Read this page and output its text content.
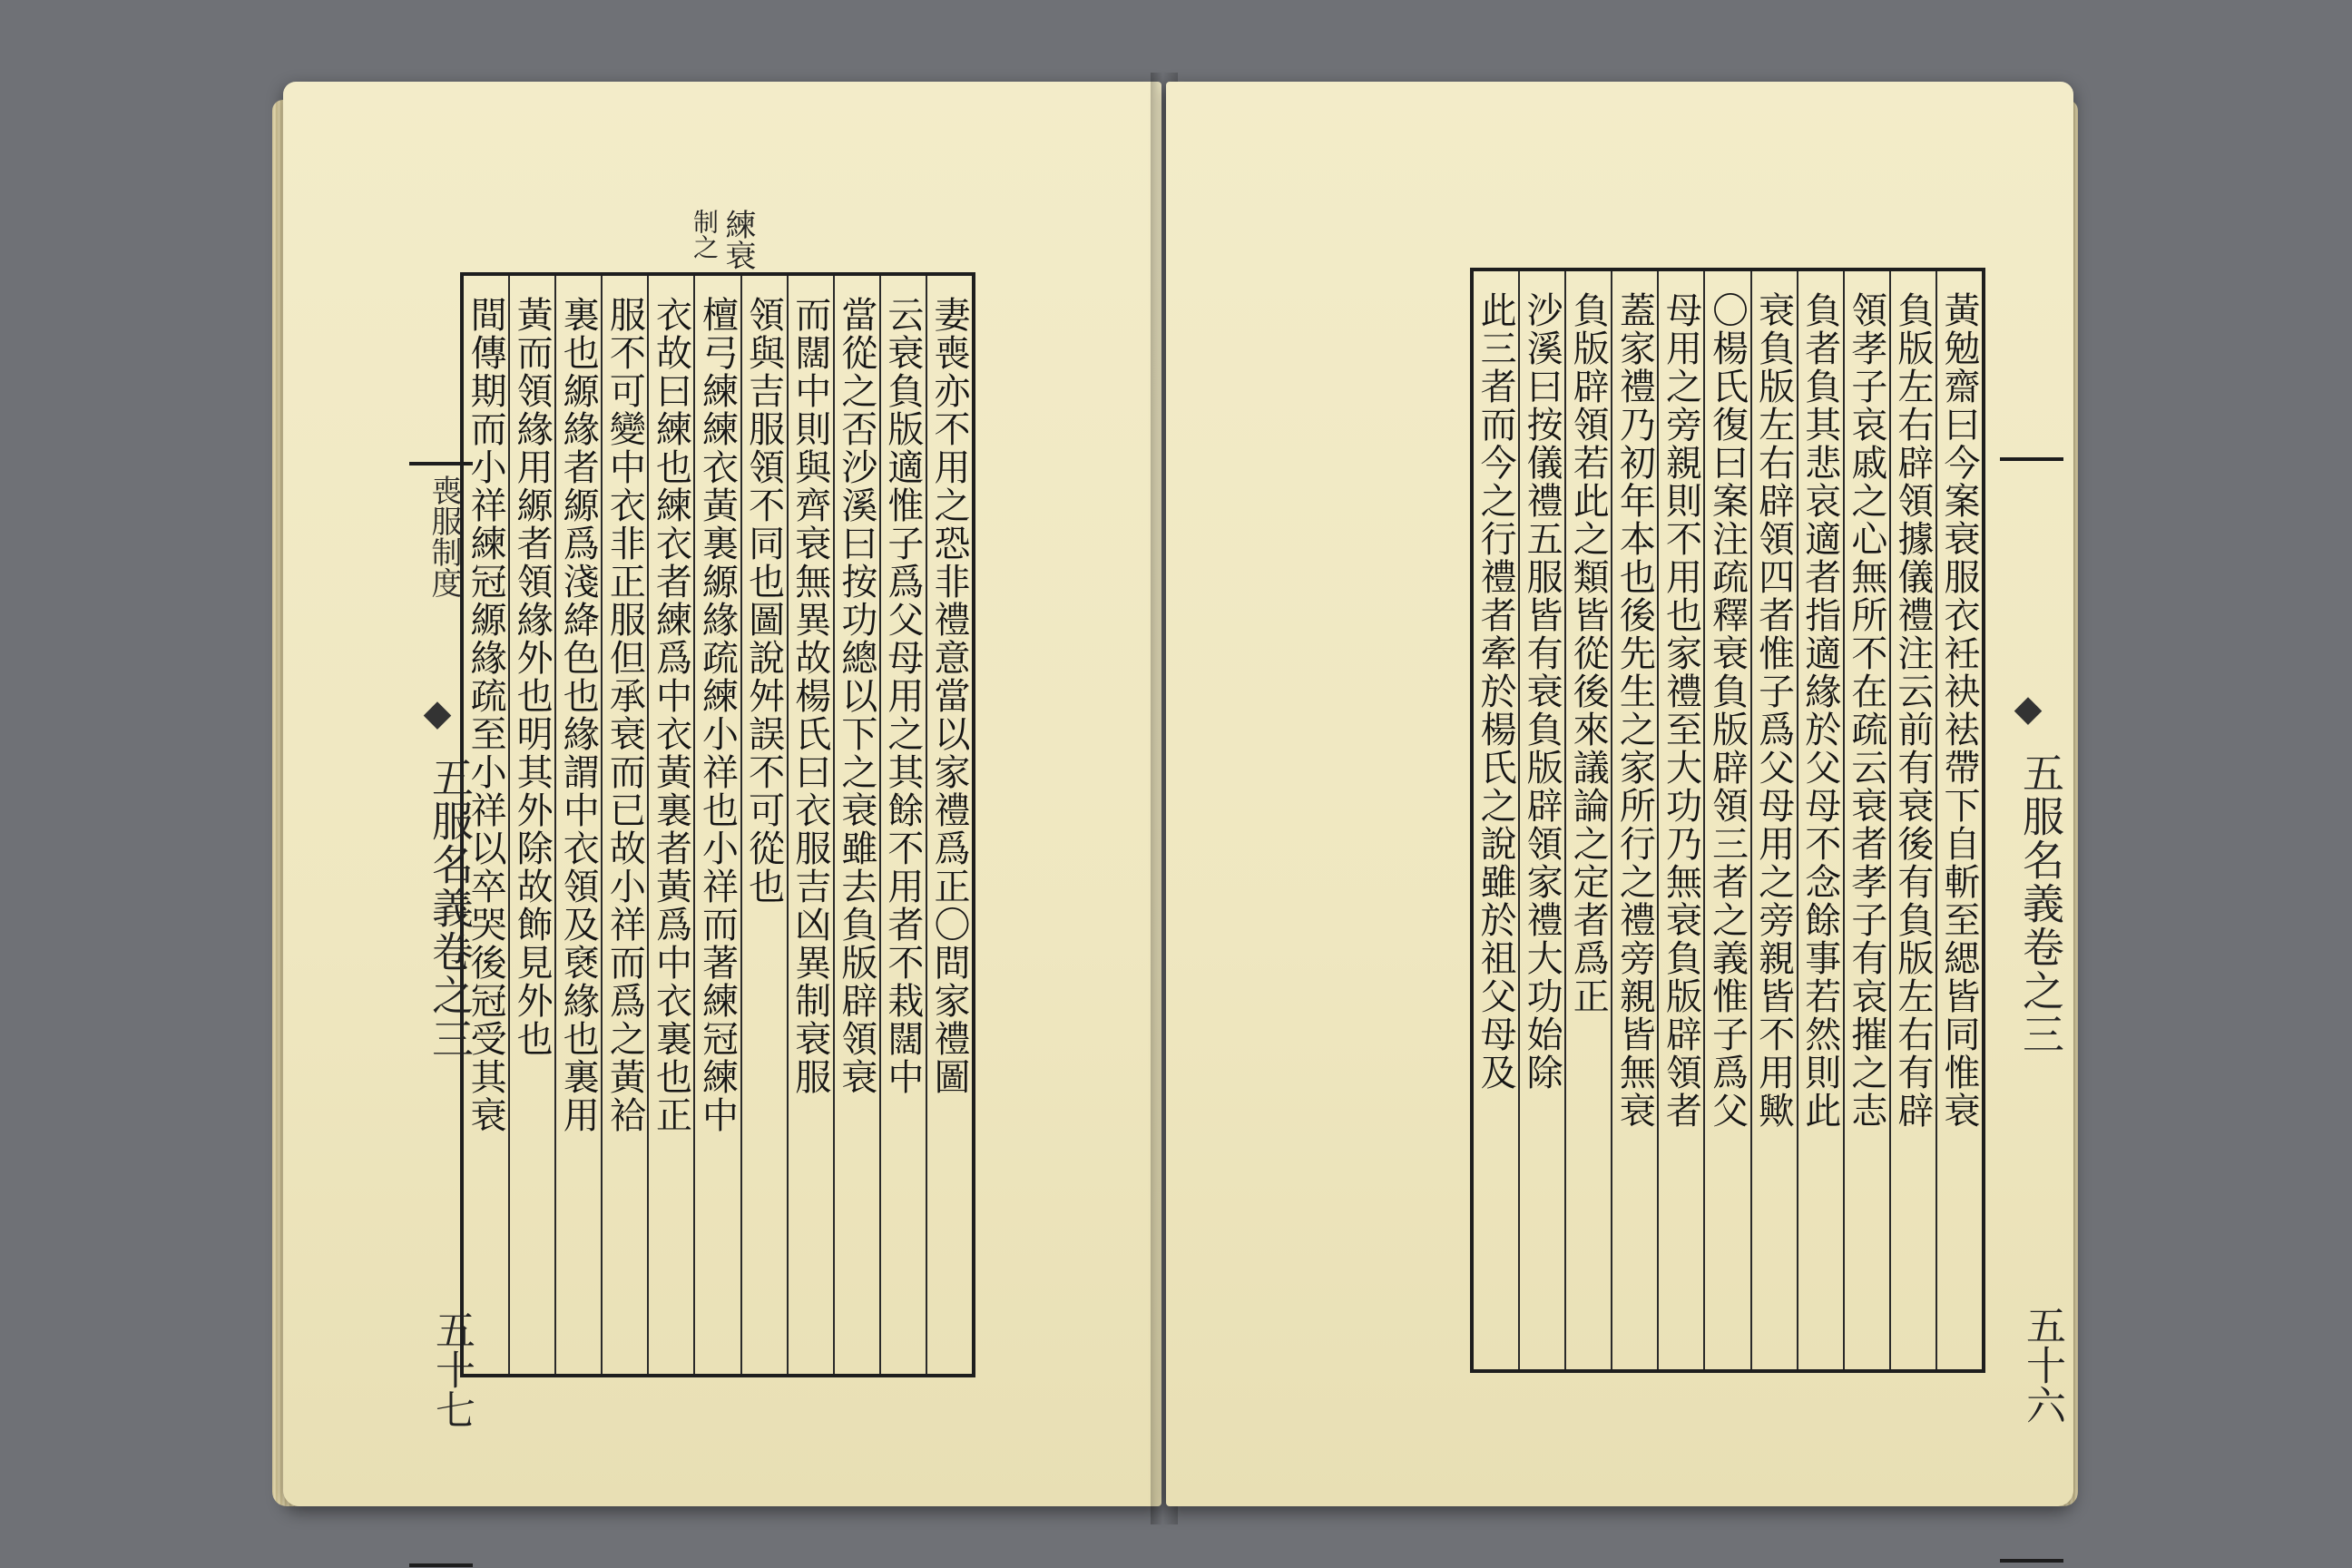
練衰
制之
妻喪亦不用之恐非禮意當以家禮爲正〇問家禮圖
云衰負版適惟子爲父母用之其餘不用者不栽闊中
當從之否沙溪曰按功總以下之衰雖去負版辟領衰
而闊中則與齊衰無異故楊氏曰衣服吉凶異制衰服
領與吉服領不同也圖說舛誤不可從也
檀弓練練衣黃裏縓緣疏練小祥也小祥而著練冠練中
衣故曰練也練衣者練爲中衣黃裏者黃爲中衣裏也正
服不可變中衣非正服但承衰而已故小祥而爲之黃袷
裏也縓緣者縓爲淺絳色也緣謂中衣領及褎緣也裏用
黃而領緣用縓者領緣外也明其外除故飾見外也
間傳期而小祥練冠縓緣疏至小祥以卒哭後冠受其衰
喪服制度
◆
五服名義卷之三
五十七
黃勉齋曰今案衰服衣衽袂袪帶下自斬至緦皆同惟衰
負版左右辟領據儀禮注云前有衰後有負版左右有辟
領孝子哀戚之心無所不在疏云衰者孝子有哀摧之志
負者負其悲哀適者指適緣於父母不念餘事若然則此
衰負版左右辟領四者惟子爲父母用之旁親皆不用歟
〇楊氏復曰案注疏釋衰負版辟領三者之義惟子爲父
母用之旁親則不用也家禮至大功乃無衰負版辟領者
蓋家禮乃初年本也後先生之家所行之禮旁親皆無衰
負版辟領若此之類皆從後來議論之定者爲正
沙溪曰按儀禮五服皆有衰負版辟領家禮大功始除
此三者而今之行禮者牽於楊氏之說雖於祖父母及	◆
五服名義卷之三
五十六
